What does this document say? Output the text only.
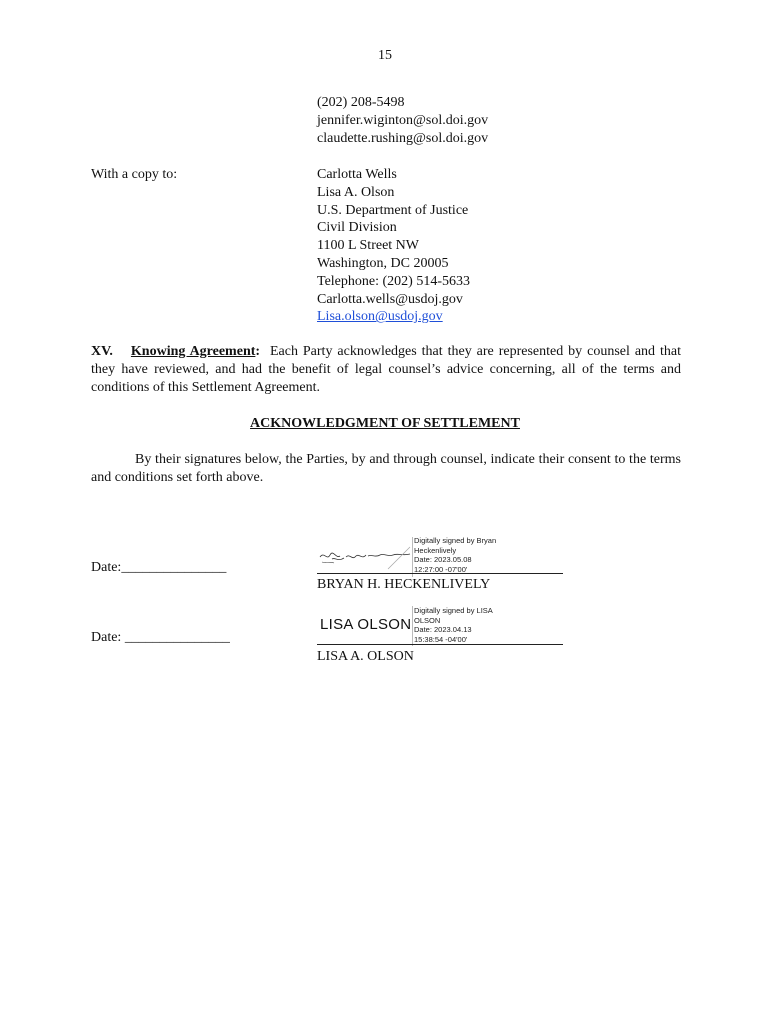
15
(202) 208-5498
jennifer.wiginton@sol.doi.gov
claudette.rushing@sol.doi.gov
With a copy to:	Carlotta Wells
Lisa A. Olson
U.S. Department of Justice
Civil Division
1100 L Street NW
Washington, DC 20005
Telephone: (202) 514-5633
Carlotta.wells@usdoj.gov
Lisa.olson@usdoj.gov
XV. Knowing Agreement: Each Party acknowledges that they are represented by counsel and that they have reviewed, and had the benefit of legal counsel’s advice concerning, all of the terms and conditions of this Settlement Agreement.
ACKNOWLEDGMENT OF SETTLEMENT
By their signatures below, the Parties, by and through counsel, indicate their consent to the terms and conditions set forth above.
Date:_______________
Digitally signed by Bryan
Heckenlively
Date: 2023.05.08
12:27:00 -07'00'
BRYAN H. HECKENLIVELY
Date: _______________
LISA OLSON
Digitally signed by LISA
OLSON
Date: 2023.04.13
15:38:54 -04'00'
LISA A. OLSON
